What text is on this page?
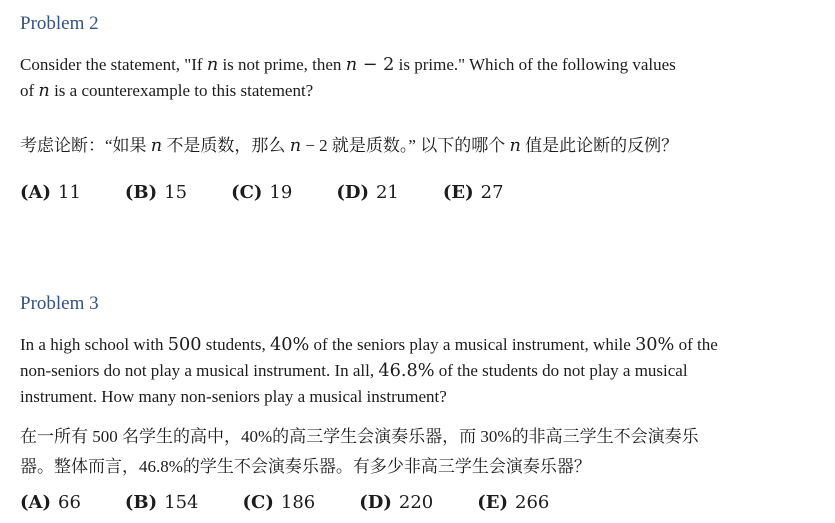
Problem 2

Consider the statement, "If n is not prime, then n − 2 is prime." Which of the following values

of n is a counterexample to this statement?

考虑论断：“如果 n 不是质数，那么 n − 2 就是质数。” 以下的哪个 n 值是此论断的反例？

(A) 11 (B) 15 (C) 19 (D) 21 (E) 27
Problem 3

In a high school with 500 students, 40% of the seniors play a musical instrument, while 30% of the

non-seniors do not play a musical instrument. In all, 46.8% of the students do not play a musical

instrument. How many non-seniors play a musical instrument?

在一所有 500 名学生的高中，40%的高三学生会演奏乐器，而 30%的非高三学生不会演奏乐

器。整体而言，46.8%的学生不会演奏乐器。有多少非高三学生会演奏乐器？

(A) 66 (B) 154 (C) 186 (D) 220 (E) 266
